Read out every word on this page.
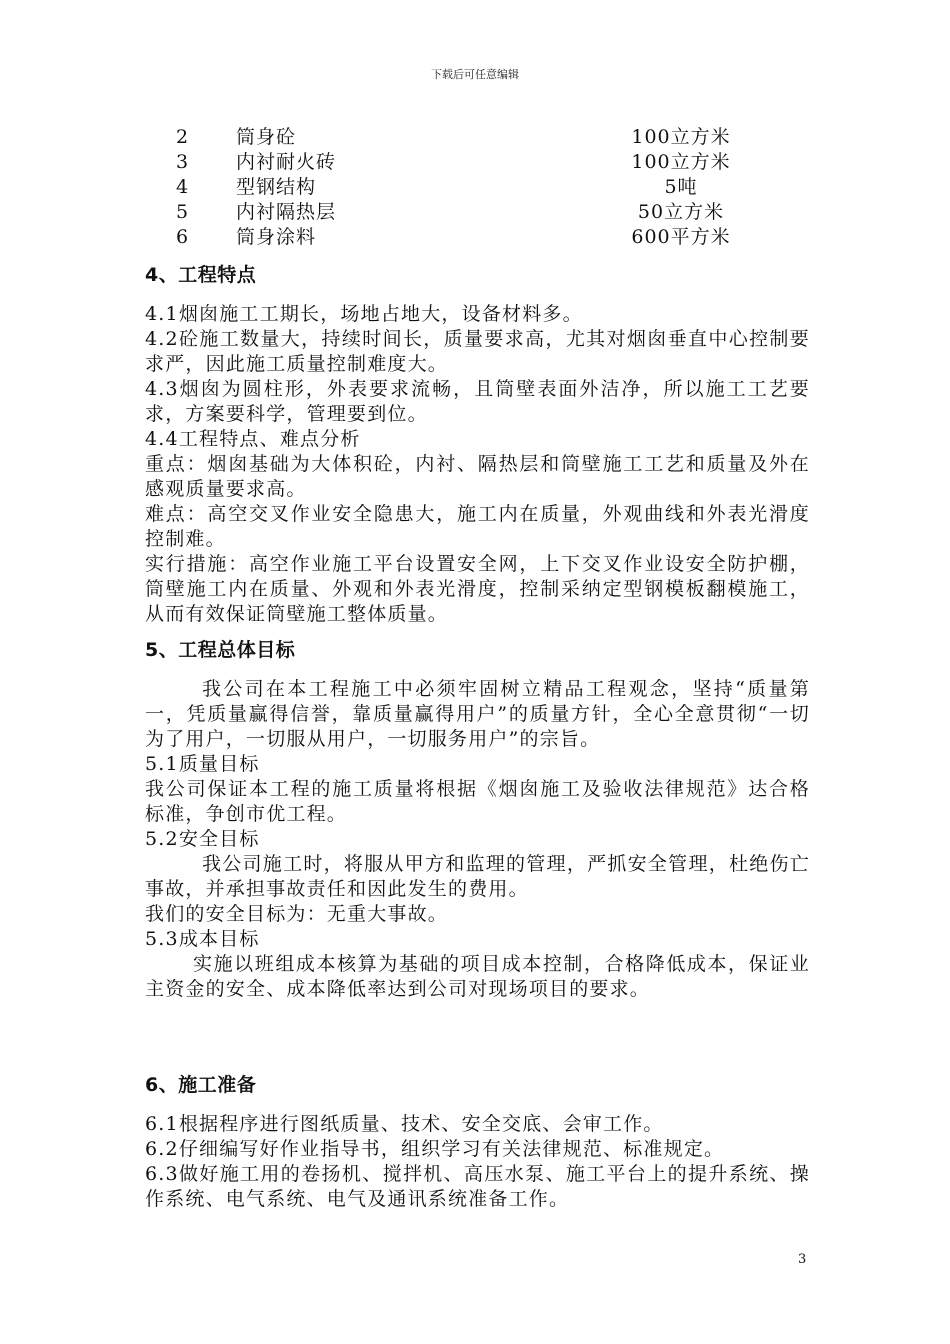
下载后可任意编辑
2 筒身砼	100立方米
3 内衬耐火砖	100立方米
4 型钢结构	5吨
5 内衬隔热层	50立方米
6 筒身涂料	600平方米
4、工程特点

4.1烟囱施工工期长，场地占地大，设备材料多。

4.2砼施工数量大，持续时间长，质量要求高，尤其对烟囱垂直中心控制要求严，因此施工质量控制难度大。

4.3烟囱为圆柱形，外表要求流畅，且筒壁表面外洁净，所以施工工艺要求，方案要科学，管理要到位。

4.4工程特点、难点分析

重点：烟囱基础为大体积砼，内衬、隔热层和筒壁施工工艺和质量及外在感观质量要求高。

难点：高空交叉作业安全隐患大，施工内在质量，外观曲线和外表光滑度控制难。

实行措施：高空作业施工平台设置安全网，上下交叉作业设安全防护棚，筒壁施工内在质量、外观和外表光滑度，控制采纳定型钢模板翻模施工，从而有效保证筒壁施工整体质量。

5、工程总体目标

我公司在本工程施工中必须牢固树立精品工程观念，坚持“质量第一，凭质量赢得信誉，靠质量赢得用户”的质量方针，全心全意贯彻“一切为了用户，一切服从用户，一切服务用户”的宗旨。

5.1质量目标

我公司保证本工程的施工质量将根据《烟囱施工及验收法律规范》达合格标准，争创市优工程。

5.2安全目标

我公司施工时，将服从甲方和监理的管理，严抓安全管理，杜绝伤亡事故，并承担事故责任和因此发生的费用。

我们的安全目标为：无重大事故。

5.3成本目标

实施以班组成本核算为基础的项目成本控制，合格降低成本，保证业主资金的安全、成本降低率达到公司对现场项目的要求。

6、施工准备

6.1根据程序进行图纸质量、技术、安全交底、会审工作。

6.2仔细编写好作业指导书，组织学习有关法律规范、标准规定。

6.3做好施工用的卷扬机、搅拌机、高压水泵、施工平台上的提升系统、操作系统、电气系统、电气及通讯系统准备工作。

3
